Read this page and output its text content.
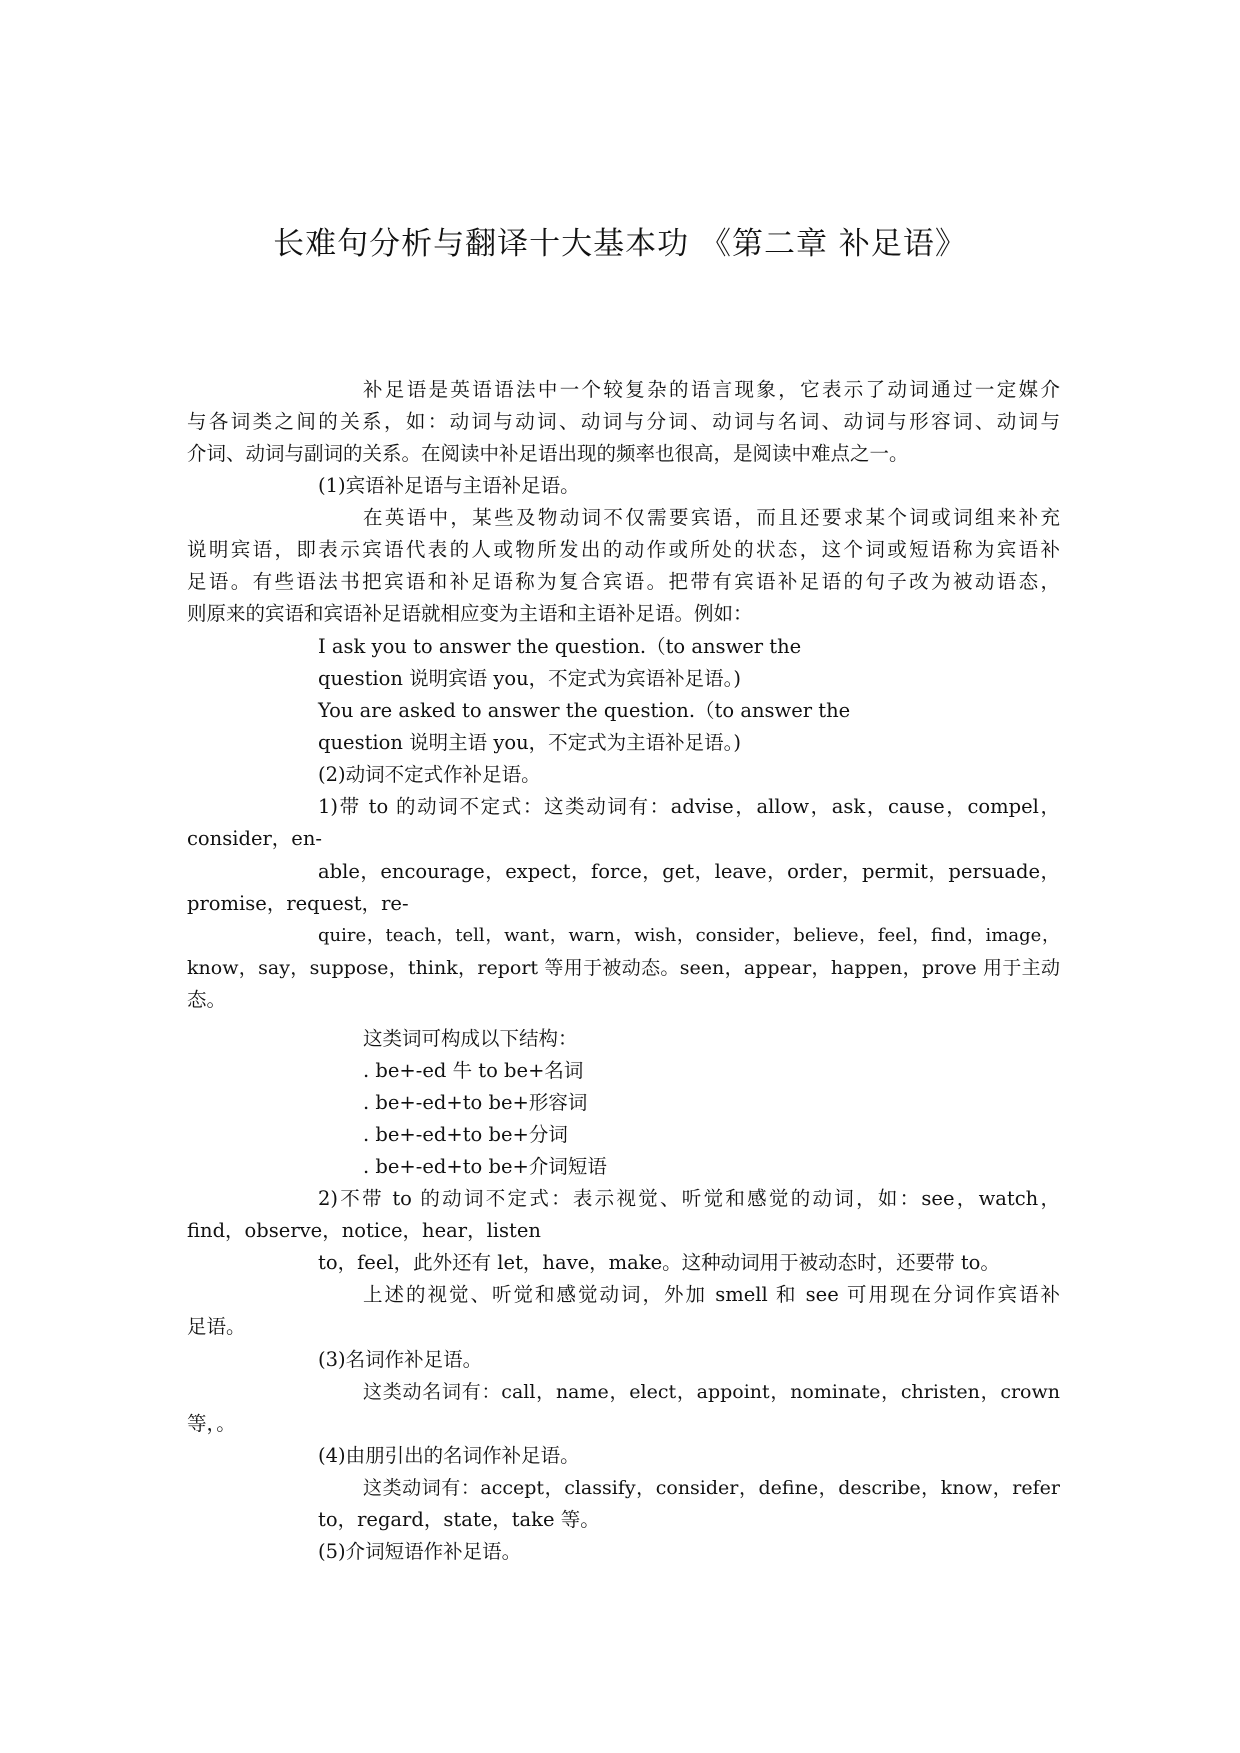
长难句分析与翻译十大基本功 《第二章 补足语》
补足语是英语语法中一个较复杂的语言现象，它表示了动词通过一定媒介
与各词类之间的关系，如：动词与动词、动词与分词、动词与名词、动词与形容词、动词与
介词、动词与副词的关系。在阅读中补足语出现的频率也很高，是阅读中难点之一。
(1)宾语补足语与主语补足语。
在英语中，某些及物动词不仅需要宾语，而且还要求某个词或词组来补充
说明宾语，即表示宾语代表的人或物所发出的动作或所处的状态，这个词或短语称为宾语补
足语。有些语法书把宾语和补足语称为复合宾语。把带有宾语补足语的句子改为被动语态，
则原来的宾语和宾语补足语就相应变为主语和主语补足语。例如：
I ask you to answer the question.（to answer the
question 说明宾语 you，不定式为宾语补足语。)
You are asked to answer the question.（to answer the
question 说明主语 you，不定式为主语补足语。)
(2)动词不定式作补足语。
1)带 to 的动词不定式：这类动词有：advise，allow，ask，cause，compel，
consider，en-
able，encourage，expect，force，get，leave，order，permit，persuade，
promise，request，re-
quire，teach，tell，want，warn，wish，consider，believe，feel，find，image，
know，say，suppose，think，report 等用于被动态。seen，appear，happen，prove 用于主动
态。
这类词可构成以下结构：
. be+-ed 牛 to be+名词
. be+-ed+to be+形容词
. be+-ed+to be+分词
. be+-ed+to be+介词短语
2)不带 to 的动词不定式：表示视觉、听觉和感觉的动词，如：see，watch，
find，observe，notice，hear，listen
to，feel，此外还有 let，have，make。这种动词用于被动态时，还要带 to。
上述的视觉、听觉和感觉动词，外加 smell 和 see 可用现在分词作宾语补
足语。
(3)名词作补足语。
这类动名词有：call，name，elect，appoint，nominate，christen，crown
等，。
(4)由朋引出的名词作补足语。
这类动词有：accept，classify，consider，define，describe，know，refer
to，regard，state，take 等。
(5)介词短语作补足语。
